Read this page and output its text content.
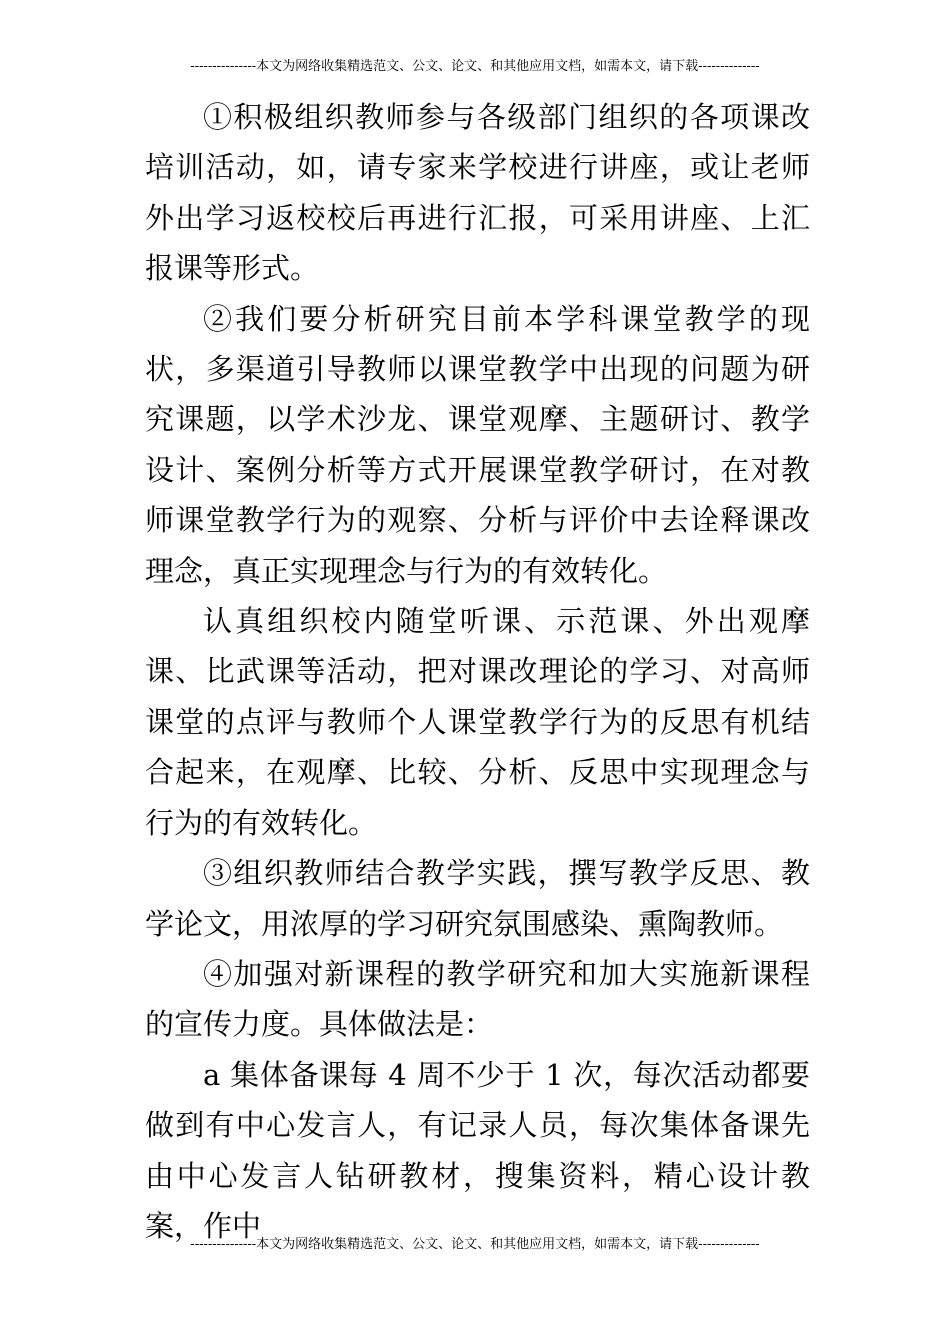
---------------本文为网络收集精选范文、公文、论文、和其他应用文档，如需本文，请下载--------------

①积极组织教师参与各级部门组织的各项课改培训活动，如，请专家来学校进行讲座，或让老师外出学习返校校后再进行汇报，可采用讲座、上汇报课等形式。

②我们要分析研究目前本学科课堂教学的现状，多渠道引导教师以课堂教学中出现的问题为研究课题，以学术沙龙、课堂观摩、主题研讨、教学设计、案例分析等方式开展课堂教学研讨，在对教师课堂教学行为的观察、分析与评价中去诠释课改理念，真正实现理念与行为的有效转化。

认真组织校内随堂听课、示范课、外出观摩课、比武课等活动，把对课改理论的学习、对高师课堂的点评与教师个人课堂教学行为的反思有机结合起来，在观摩、比较、分析、反思中实现理念与行为的有效转化。

③组织教师结合教学实践，撰写教学反思、教学论文，用浓厚的学习研究氛围感染、熏陶教师。

④加强对新课程的教学研究和加大实施新课程的宣传力度。具体做法是：

a 集体备课每 4 周不少于 1 次，每次活动都要做到有中心发言人，有记录人员，每次集体备课先由中心发言人钻研教材，搜集资料，精心设计教案，作中

---------------本文为网络收集精选范文、公文、论文、和其他应用文档，如需本文，请下载--------------
